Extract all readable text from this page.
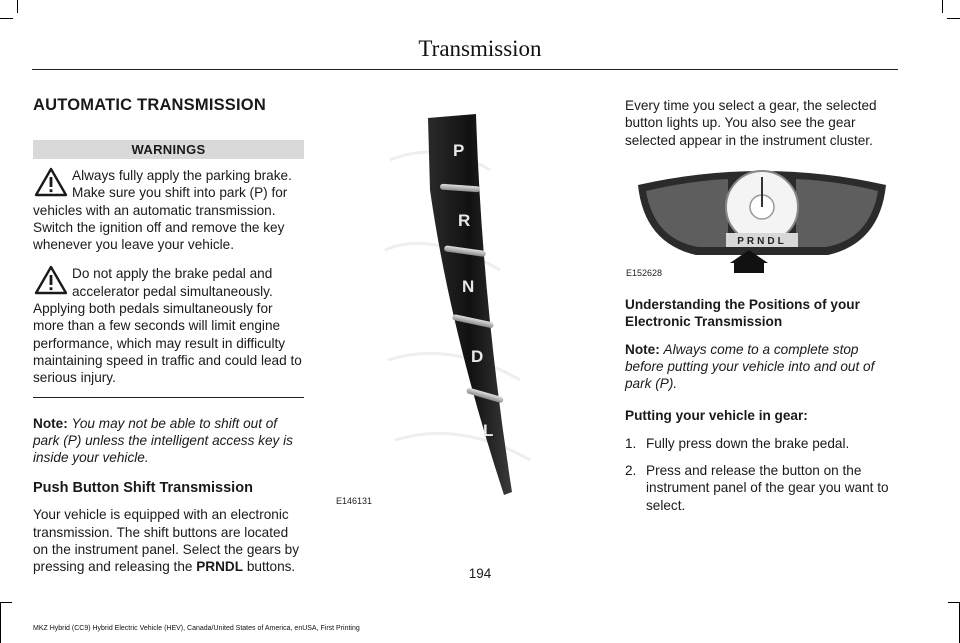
Transmission
AUTOMATIC TRANSMISSION
WARNINGS
Always fully apply the parking brake. Make sure you shift into park (P) for vehicles with an automatic transmission. Switch the ignition off and remove the key whenever you leave your vehicle.
Do not apply the brake pedal and accelerator pedal simultaneously. Applying both pedals simultaneously for more than a few seconds will limit engine performance, which may result in difficulty maintaining speed in traffic and could lead to serious injury.

Note: You may not be able to shift out of park (P) unless the intelligent access key is inside your vehicle.

Push Button Shift Transmission

Your vehicle is equipped with an electronic transmission. The shift buttons are located on the instrument panel. Select the gears by pressing and releasing the PRNDL buttons.

P
R
N
D
L
E146131

Every time you select a gear, the selected button lights up. You also see the gear selected appear in the instrument cluster.

PRNDL
E152628

Understanding the Positions of your Electronic Transmission

Note: Always come to a complete stop before putting your vehicle into and out of park (P).

Putting your vehicle in gear:

1. Fully press down the brake pedal.
2. Press and release the button on the instrument panel of the gear you want to select.
194
MKZ Hybrid (CC9) Hybrid Electric Vehicle (HEV), Canada/United States of America, enUSA, First Printing
